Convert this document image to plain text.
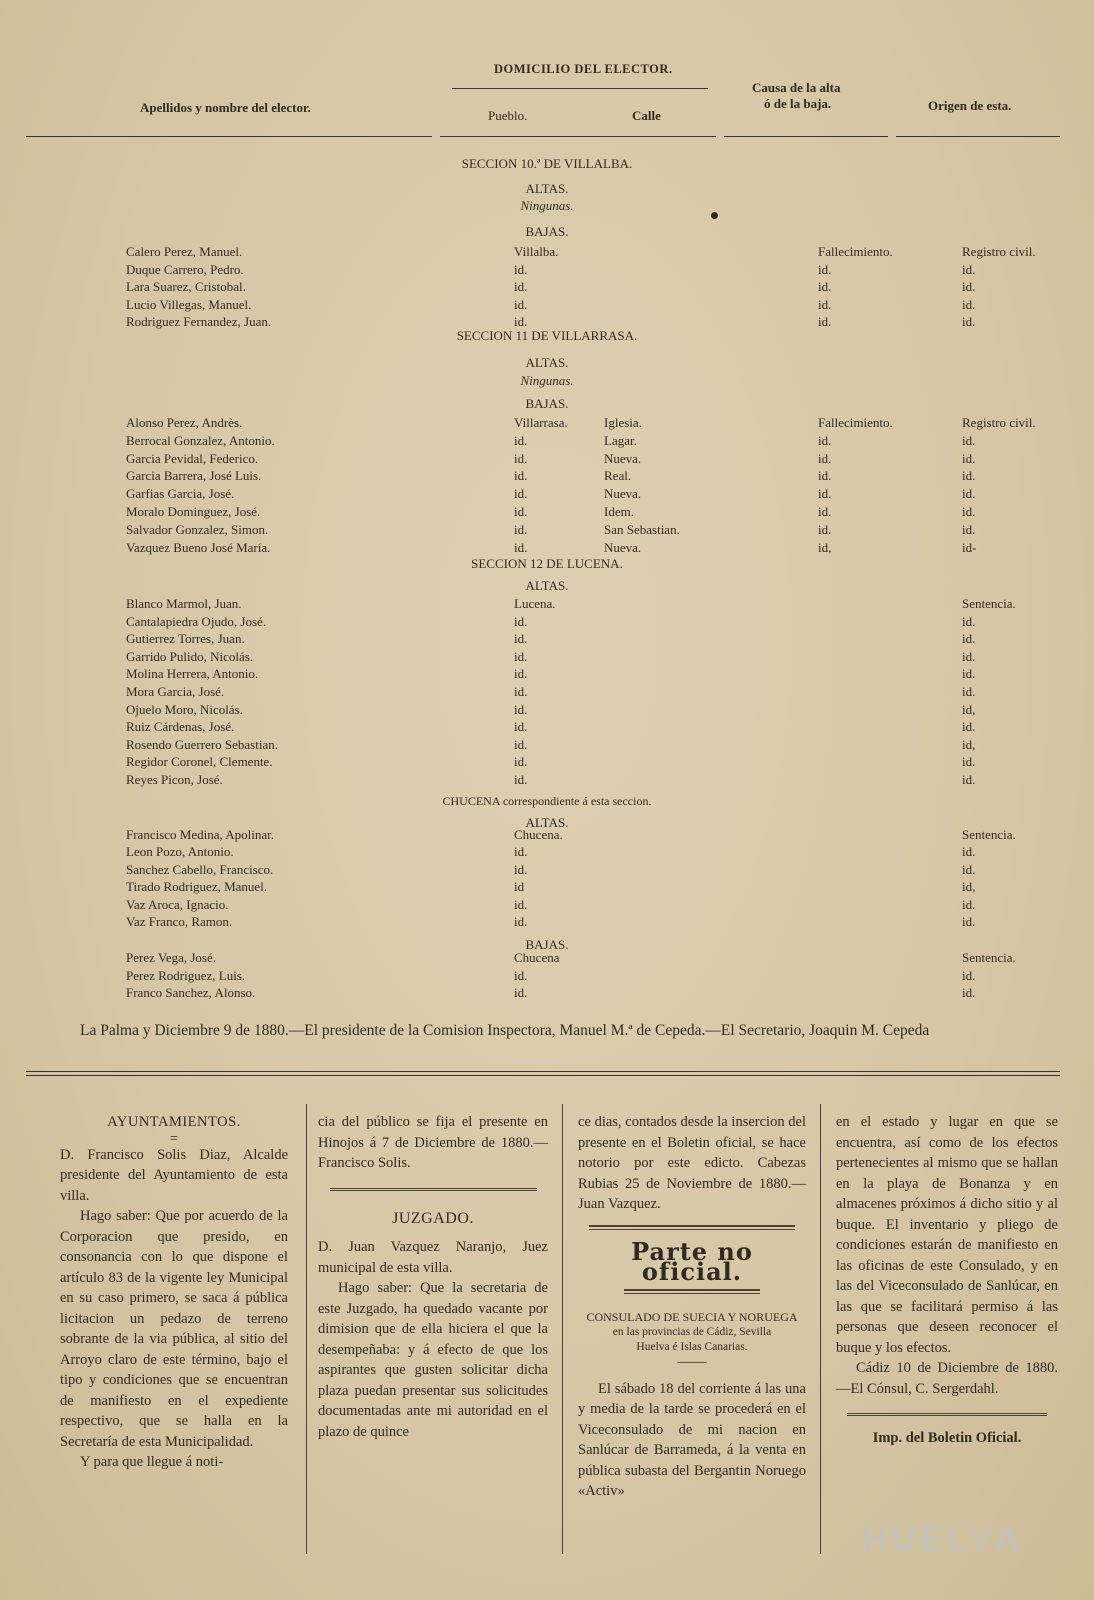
DOMICILIO DEL ELECTOR.
Apellidos y nombre del elector.
Pueblo.	Calle
Causa de la alta
ó de la baja.	Origen de esta.
SECCION 10.ª DE VILLALBA.
ALTAS.
Ningunas.
BAJAS.
Calero Perez, Manuel.	Villalba.	Fallecimiento.	Registro civil.
Duque Carrero, Pedro.	id.	id.	id.
Lara Suarez, Cristobal.	id.	id.	id.
Lucio Villegas, Manuel.	id.	id.	id.
Rodriguez Fernandez, Juan.	id.	id.	id.
SECCION 11 DE VILLARRASA.
ALTAS.
Ningunas.
BAJAS.
Alonso Perez, Andrès.	Villarrasa.	Iglesia.	Fallecimiento.	Registro civil.
Berrocal Gonzalez, Antonio.	id.	Lagar.	id.	id.
Garcia Pevidal, Federico.	id.	Nueva.	id.	id.
Garcia Barrera, José Luis.	id.	Real.	id.	id.
Garfias Garcia, José.	id.	Nueva.	id.	id.
Moralo Dominguez, José.	id.	Idem.	id.	id.
Salvador Gonzalez, Simon.	id.	San Sebastian.	id.	id.
Vazquez Bueno José María.	id.	Nueva.	id,	id-
SECCION 12 DE LUCENA.
ALTAS.
Blanco Marmol, Juan.	Lucena.	Sentencia.
Cantalapiedra Ojudo, José.	id.	id.
Gutierrez Torres, Juan.	id.	id.
Garrido Pulido, Nicolás.	id.	id.
Molina Herrera, Antonio.	id.	id.
Mora Garcia, José.	id.	id.
Ojuelo Moro, Nicolás.	id.	id,
Ruiz Cárdenas, José.	id.	id.
Rosendo Guerrero Sebastian.	id.	id,
Regidor Coronel, Clemente.	id.	id.
Reyes Picon, José.	id.	id.
CHUCENA correspondiente á esta seccion.
ALTAS.
Francisco Medina, Apolinar.	Chucena.	Sentencia.
Leon Pozo, Antonio.	id.	id.
Sanchez Cabello, Francisco.	id.	id.
Tirado Rodriguez, Manuel.	id	id,
Vaz Aroca, Ignacio.	id.	id.
Vaz Franco, Ramon.	id.	id.
BAJAS.
Perez Vega, José.	Chucena	Sentencia.
Perez Rodriguez, Luis.	id.	id.
Franco Sanchez, Alonso.	id.	id.
La Palma y Diciembre 9 de 1880.—El presidente de la Comision Inspectora, Manuel M.ª de Cepeda.—El Secretario, Joaquin M. Cepeda
AYUNTAMIENTOS.
=

D. Francisco Solis Diaz, Alcalde presidente del Ayuntamiento de esta villa.

Hago saber: Que por acuerdo de la Corporacion que presido, en consonancia con lo que dispone el artículo 83 de la vigente ley Municipal en su caso primero, se saca á pública licitacion un pedazo de terreno sobrante de la via pública, al sitio del Arroyo claro de este término, bajo el tipo y condiciones que se encuentran de manifiesto en el expediente respectivo, que se halla en la Secretaría de esta Municipalidad.

Y para que llegue á noti-

cia del público se fija el presente en Hinojos á 7 de Diciembre de 1880.—Francisco Solis.

JUZGADO.

D. Juan Vazquez Naranjo, Juez municipal de esta villa.

Hago saber: Que la secretaria de este Juzgado, ha quedado vacante por dimision que de ella hiciera el que la desempeñaba: y á efecto de que los aspirantes que gusten solicitar dicha plaza puedan presentar sus solicitudes documentadas ante mi autoridad en el plazo de quince

ce dias, contados desde la insercion del presente en el Boletin oficial, se hace notorio por este edicto. Cabezas Rubias 25 de Noviembre de 1880.—Juan Vazquez.

Parte no oficial.
CONSULADO DE SUECIA Y NORUEGA
en las provincias de Cádiz, Sevilla
Huelva é Islas Canarias.
——

El sábado 18 del corriente á las una y media de la tarde se procederá en el Viceconsulado de mi nacion en Sanlúcar de Barrameda, á la venta en pública subasta del Bergantin Noruego «Activ»

en el estado y lugar en que se encuentra, así como de los efectos pertenecientes al mismo que se hallan en la playa de Bonanza y en almacenes próximos á dicho sitio y al buque. El inventario y pliego de condiciones estarán de manifiesto en las oficinas de este Consulado, y en las del Viceconsulado de Sanlúcar, en las que se facilitará permiso á las personas que deseen reconocer el buque y los efectos.

Cádiz 10 de Diciembre de 1880.—El Cónsul, C. Sergerdahl.

Imp. del Boletin Oficial.
HUELVA
